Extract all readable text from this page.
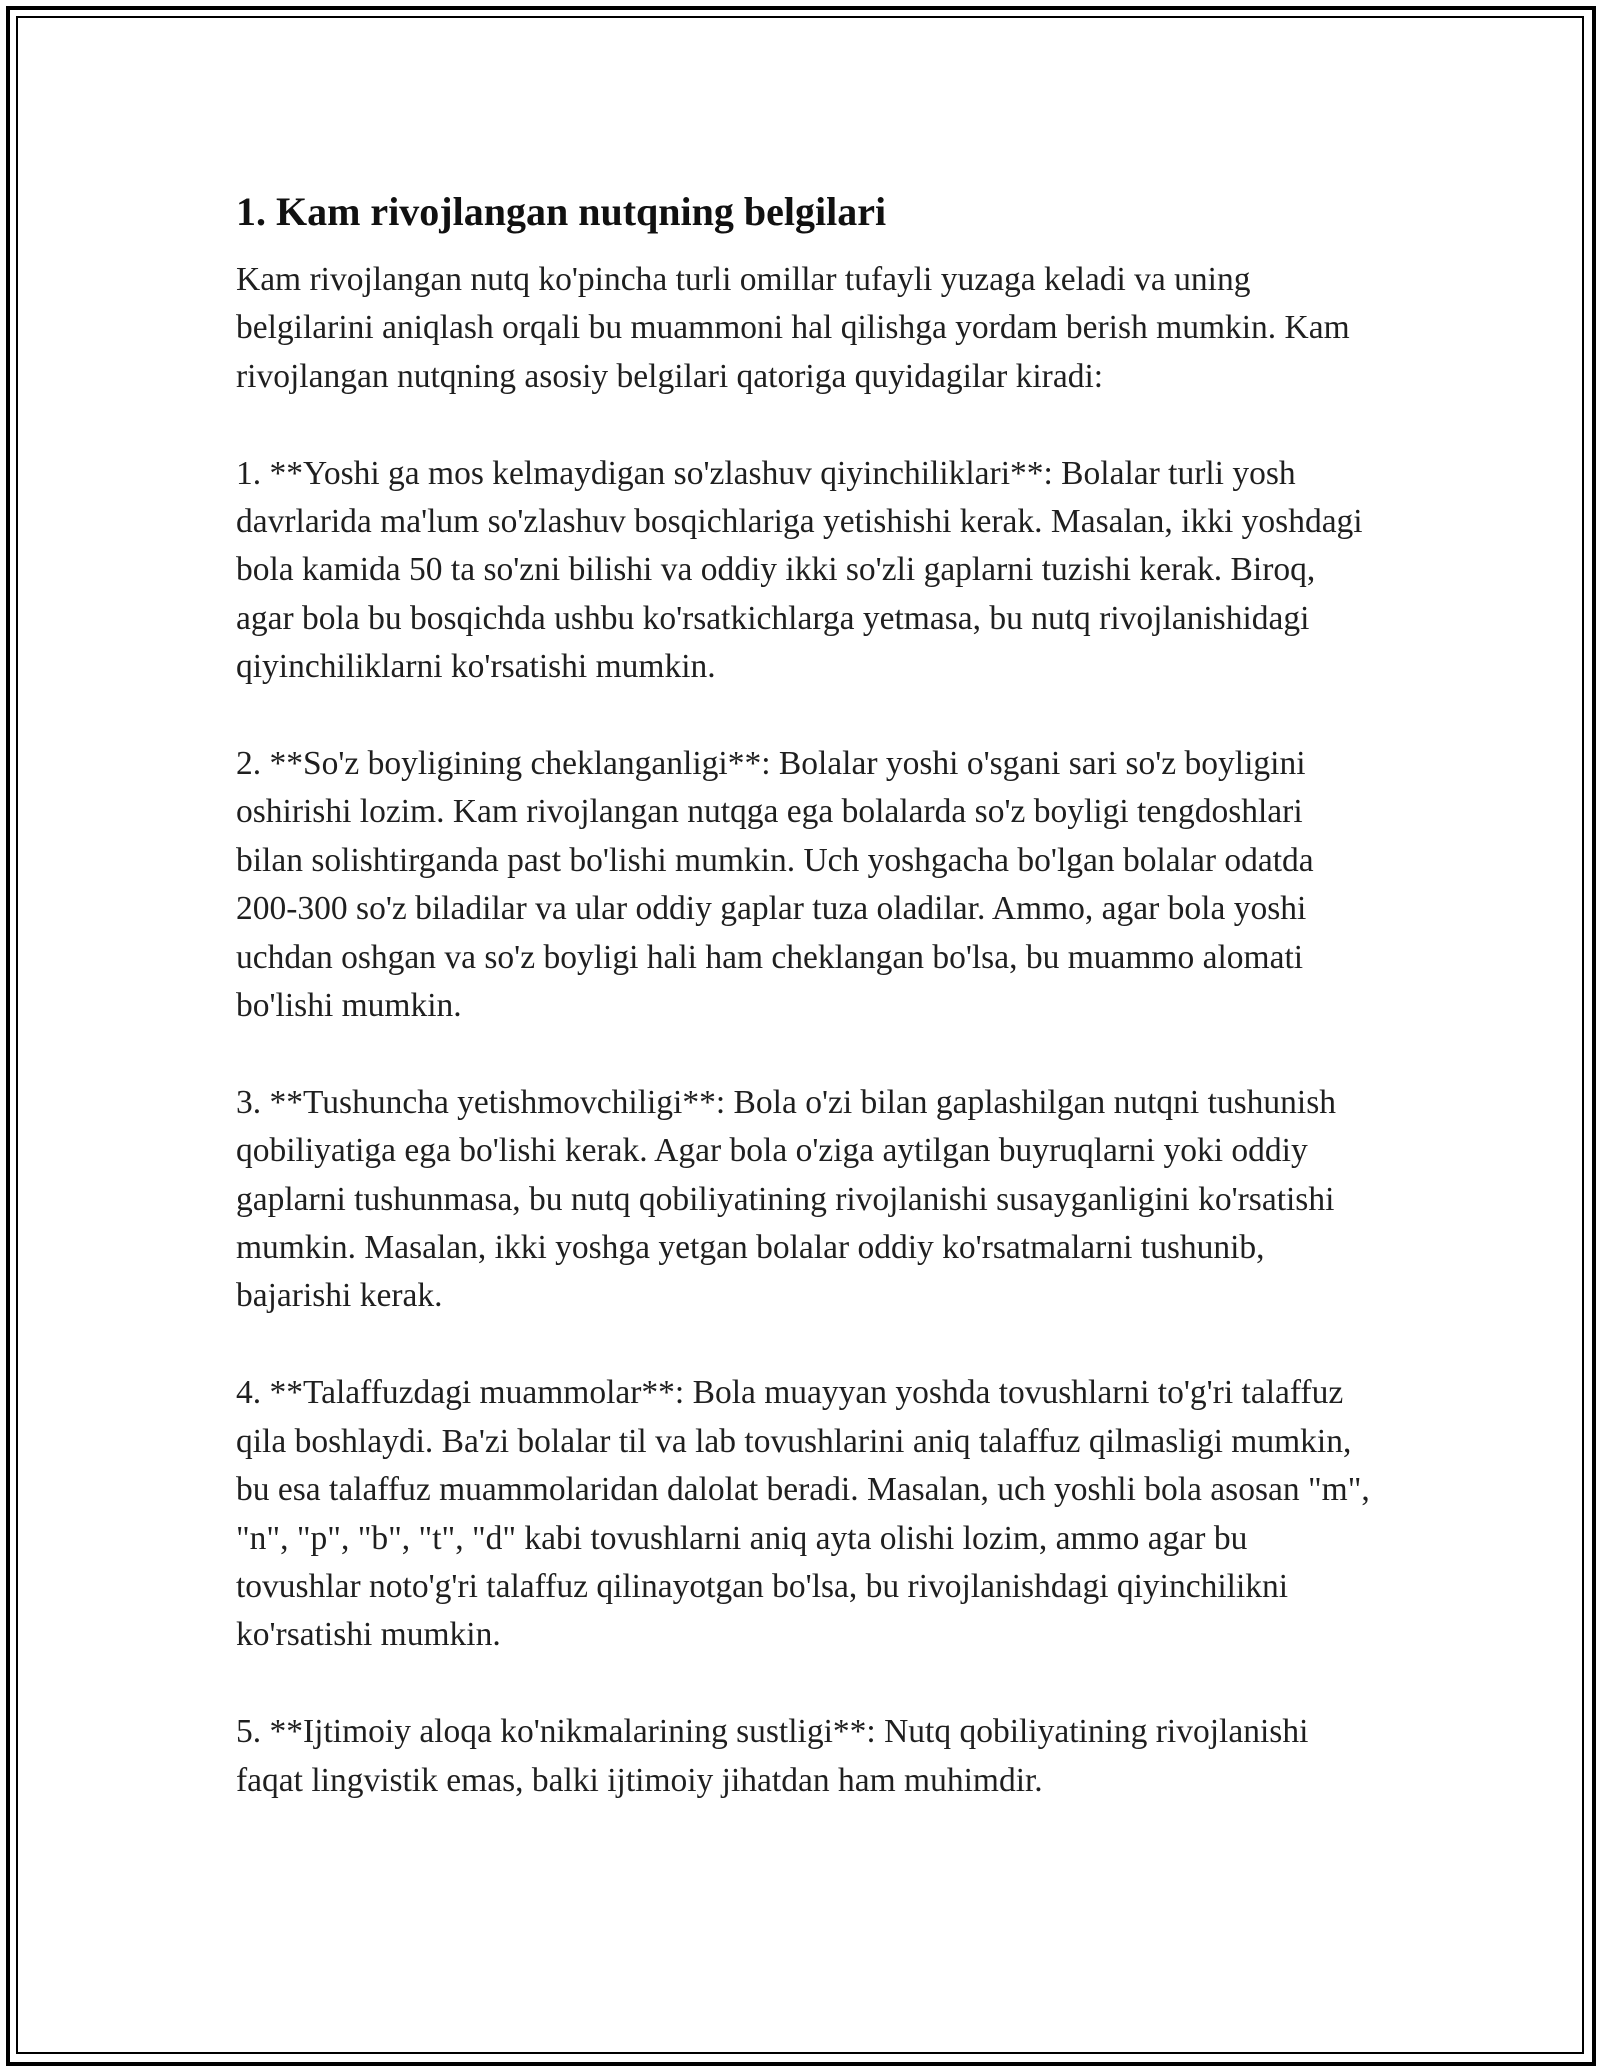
1. Kam rivojlangan nutqning belgilari

Kam rivojlangan nutq ko'pincha turli omillar tufayli yuzaga keladi va uning belgilarini aniqlash orqali bu muammoni hal qilishga yordam berish mumkin. Kam rivojlangan nutqning asosiy belgilari qatoriga quyidagilar kiradi:

1. **Yoshi ga mos kelmaydigan so'zlashuv qiyinchiliklari**: Bolalar turli yosh davrlarida ma'lum so'zlashuv bosqichlariga yetishishi kerak. Masalan, ikki yoshdagi bola kamida 50 ta so'zni bilishi va oddiy ikki so'zli gaplarni tuzishi kerak. Biroq, agar bola bu bosqichda ushbu ko'rsatkichlarga yetmasa, bu nutq rivojlanishidagi qiyinchiliklarni ko'rsatishi mumkin.

2. **So'z boyligining cheklanganligi**: Bolalar yoshi o'sgani sari so'z boyligini oshirishi lozim. Kam rivojlangan nutqga ega bolalarda so'z boyligi tengdoshlari bilan solishtirganda past bo'lishi mumkin. Uch yoshgacha bo'lgan bolalar odatda 200-300 so'z biladilar va ular oddiy gaplar tuza oladilar. Ammo, agar bola yoshi uchdan oshgan va so'z boyligi hali ham cheklangan bo'lsa, bu muammo alomati bo'lishi mumkin.

3. **Tushuncha yetishmovchiligi**: Bola o'zi bilan gaplashilgan nutqni tushunish qobiliyatiga ega bo'lishi kerak. Agar bola o'ziga aytilgan buyruqlarni yoki oddiy gaplarni tushunmasa, bu nutq qobiliyatining rivojlanishi susayganligini ko'rsatishi mumkin. Masalan, ikki yoshga yetgan bolalar oddiy ko'rsatmalarni tushunib, bajarishi kerak.

4. **Talaffuzdagi muammolar**: Bola muayyan yoshda tovushlarni to'g'ri talaffuz qila boshlaydi. Ba'zi bolalar til va lab tovushlarini aniq talaffuz qilmasligi mumkin, bu esa talaffuz muammolaridan dalolat beradi. Masalan, uch yoshli bola asosan "m", "n", "p", "b", "t", "d" kabi tovushlarni aniq ayta olishi lozim, ammo agar bu tovushlar noto'g'ri talaffuz qilinayotgan bo'lsa, bu rivojlanishdagi qiyinchilikni ko'rsatishi mumkin.

5. **Ijtimoiy aloqa ko'nikmalarining sustligi**: Nutq qobiliyatining rivojlanishi faqat lingvistik emas, balki ijtimoiy jihatdan ham muhimdir.
